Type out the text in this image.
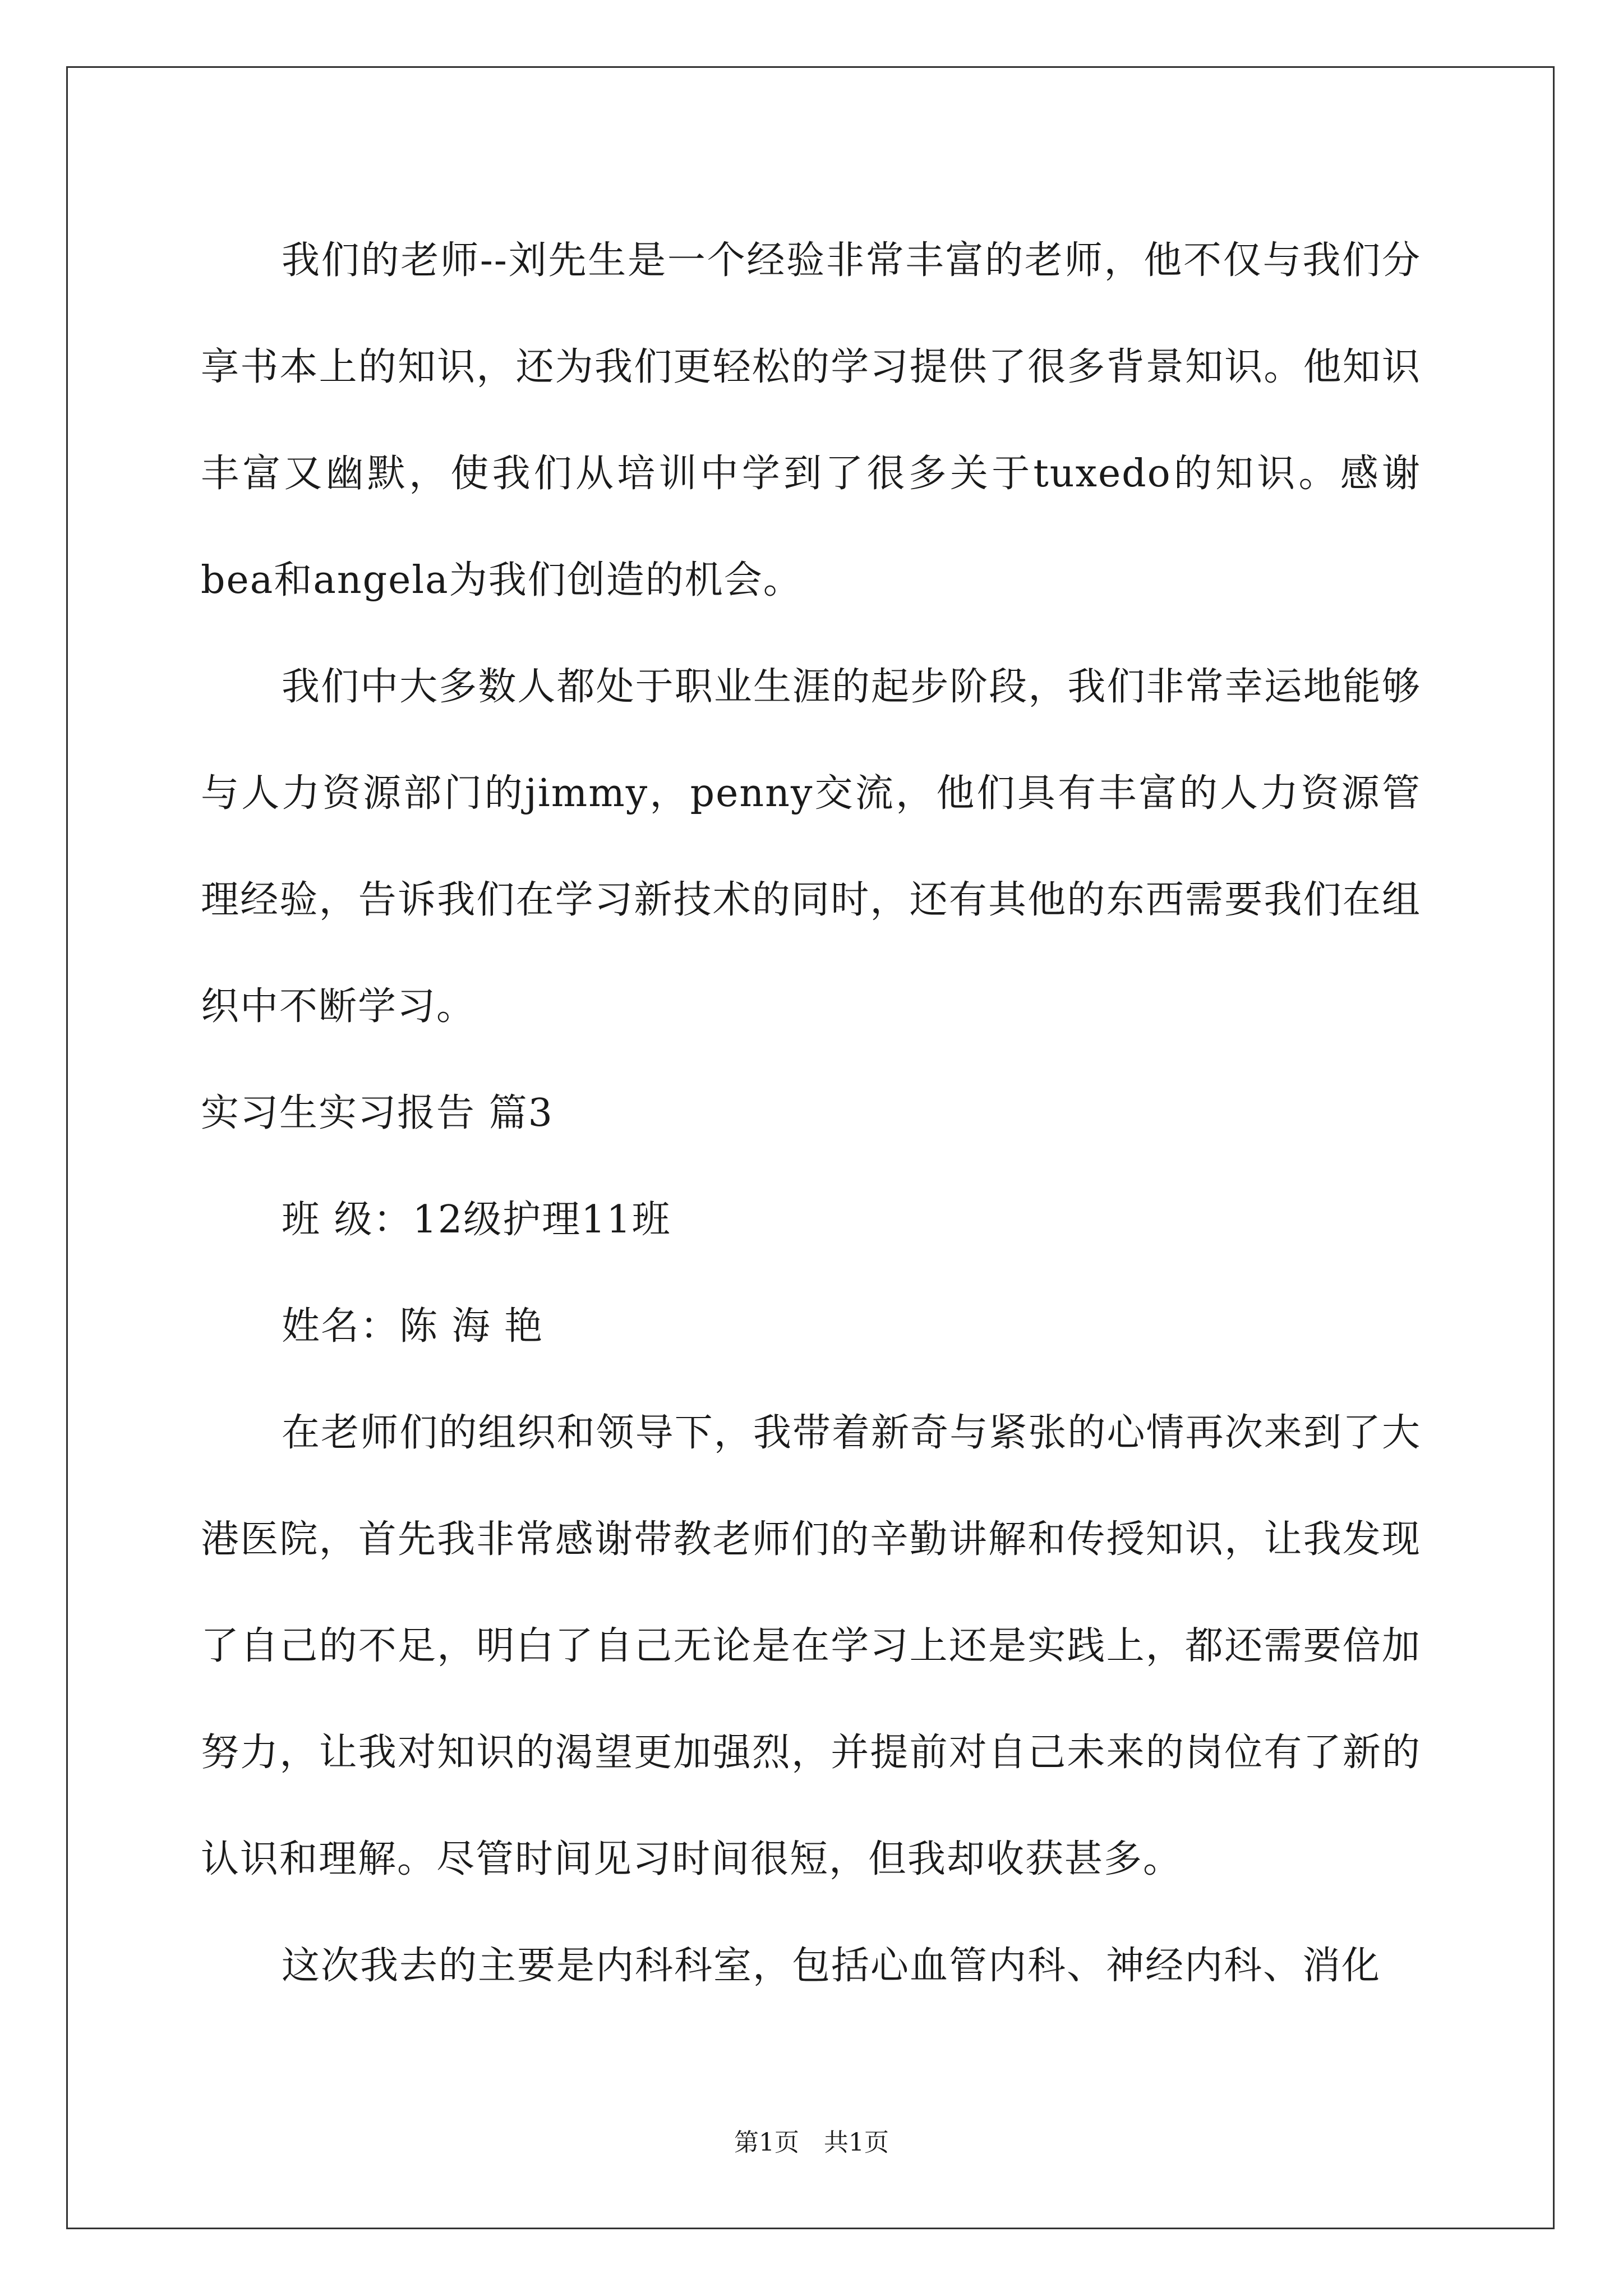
我们的老师--刘先生是一个经验非常丰富的老师，他不仅与我们分享书本上的知识，还为我们更轻松的学习提供了很多背景知识。他知识丰富又幽默，使我们从培训中学到了很多关于tuxedo的知识。感谢bea和angela为我们创造的机会。

我们中大多数人都处于职业生涯的起步阶段，我们非常幸运地能够与人力资源部门的jimmy，penny交流，他们具有丰富的人力资源管理经验，告诉我们在学习新技术的同时，还有其他的东西需要我们在组织中不断学习。

实习生实习报告 篇3

班 级：12级护理11班

姓名：陈 海 艳

在老师们的组织和领导下，我带着新奇与紧张的心情再次来到了大港医院，首先我非常感谢带教老师们的辛勤讲解和传授知识，让我发现了自己的不足，明白了自己无论是在学习上还是实践上，都还需要倍加努力，让我对知识的渴望更加强烈，并提前对自己未来的岗位有了新的认识和理解。尽管时间见习时间很短，但我却收获甚多。

这次我去的主要是内科科室，包括心血管内科、神经内科、消化

第1页　共1页
